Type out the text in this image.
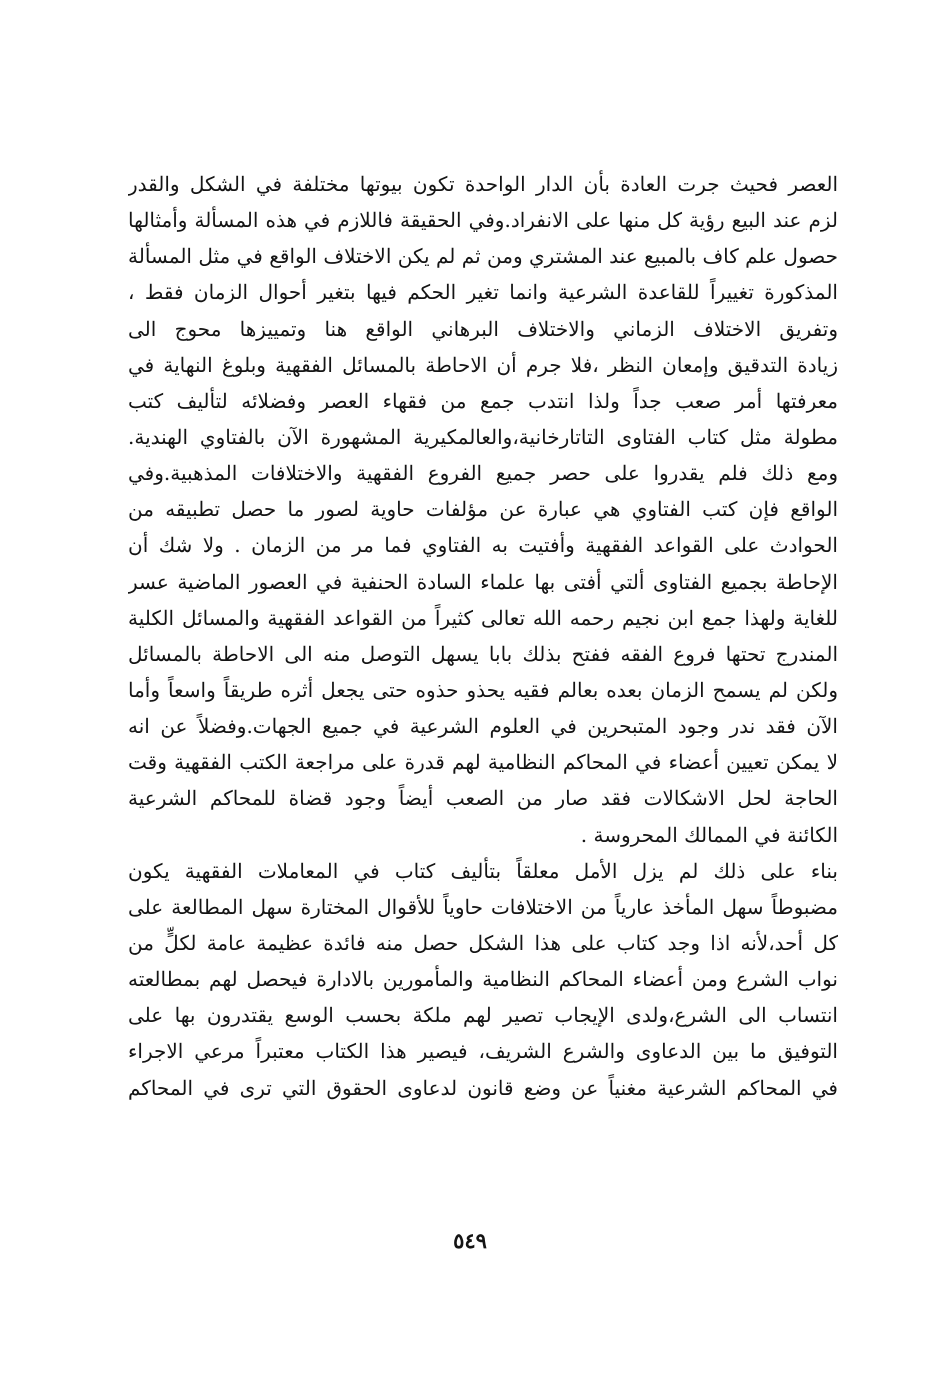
العصر فحيث جرت العادة بأن الدار الواحدة تكون بيوتها مختلفة في الشكل والقدر
لزم عند البيع رؤية كل منها على الانفراد.وفي الحقيقة فاللازم في هذه المسألة وأمثالها
حصول علم كاف بالمبيع عند المشتري ومن ثم لم يكن الاختلاف الواقع في مثل المسألة
المذكورة تغييراً للقاعدة الشرعية وانما تغير الحكم فيها بتغير أحوال الزمان فقط ،
وتفريق الاختلاف الزماني والاختلاف البرهاني الواقع هنا وتمييزها محوج الى
زيادة التدقيق وإمعان النظر ،فلا جرم أن الاحاطة بالمسائل الفقهية وبلوغ النهاية في
معرفتها أمر صعب جداً ولذا انتدب جمع من فقهاء العصر وفضلائه لتأليف كتب
مطولة مثل كتاب الفتاوى التاتارخانية،والعالمكيرية المشهورة الآن بالفتاوي الهندية.
ومع ذلك فلم يقدروا على حصر جميع الفروع الفقهية والاختلافات المذهبية.وفي
الواقع فإن كتب الفتاوي هي عبارة عن مؤلفات حاوية لصور ما حصل تطبيقه من
الحوادث على القواعد الفقهية وأفتيت به الفتاوي فما مر من الزمان . ولا شك أن
الإحاطة بجميع الفتاوى ألتي أفتى بها علماء السادة الحنفية في العصور الماضية عسر
للغاية ولهذا جمع ابن نجيم رحمه الله تعالى كثيراً من القواعد الفقهية والمسائل الكلية
المندرج تحتها فروع الفقه ففتح بذلك بابا يسهل التوصل منه الى الاحاطة بالمسائل
ولكن لم يسمح الزمان بعده بعالم فقيه يحذو حذوه حتى يجعل أثره طريقاً واسعاً وأما
الآن فقد ندر وجود المتبحرين في العلوم الشرعية في جميع الجهات.وفضلاً عن انه
لا يمكن تعيين أعضاء في المحاكم النظامية لهم قدرة على مراجعة الكتب الفقهية وقت
الحاجة لحل الاشكالات فقد صار من الصعب أيضاً وجود قضاة للمحاكم الشرعية
الكائنة في الممالك المحروسة .
بناء على ذلك لم يزل الأمل معلقاً بتأليف كتاب في المعاملات الفقهية يكون
مضبوطاً سهل المأخذ عارياً من الاختلافات حاوياً للأقوال المختارة سهل المطالعة على
كل أحد،لأنه اذا وجد كتاب على هذا الشكل حصل منه فائدة عظيمة عامة لكلٍّ من
نواب الشرع ومن أعضاء المحاكم النظامية والمأمورين بالادارة فيحصل لهم بمطالعته
انتساب الى الشرع،ولدى الإيجاب تصير لهم ملكة بحسب الوسع يقتدرون بها على
التوفيق ما بين الدعاوى والشرع الشريف، فيصير هذا الكتاب معتبراً مرعي الاجراء
في المحاكم الشرعية مغنياً عن وضع قانون لدعاوى الحقوق التي ترى في المحاكم
٥٤٩
